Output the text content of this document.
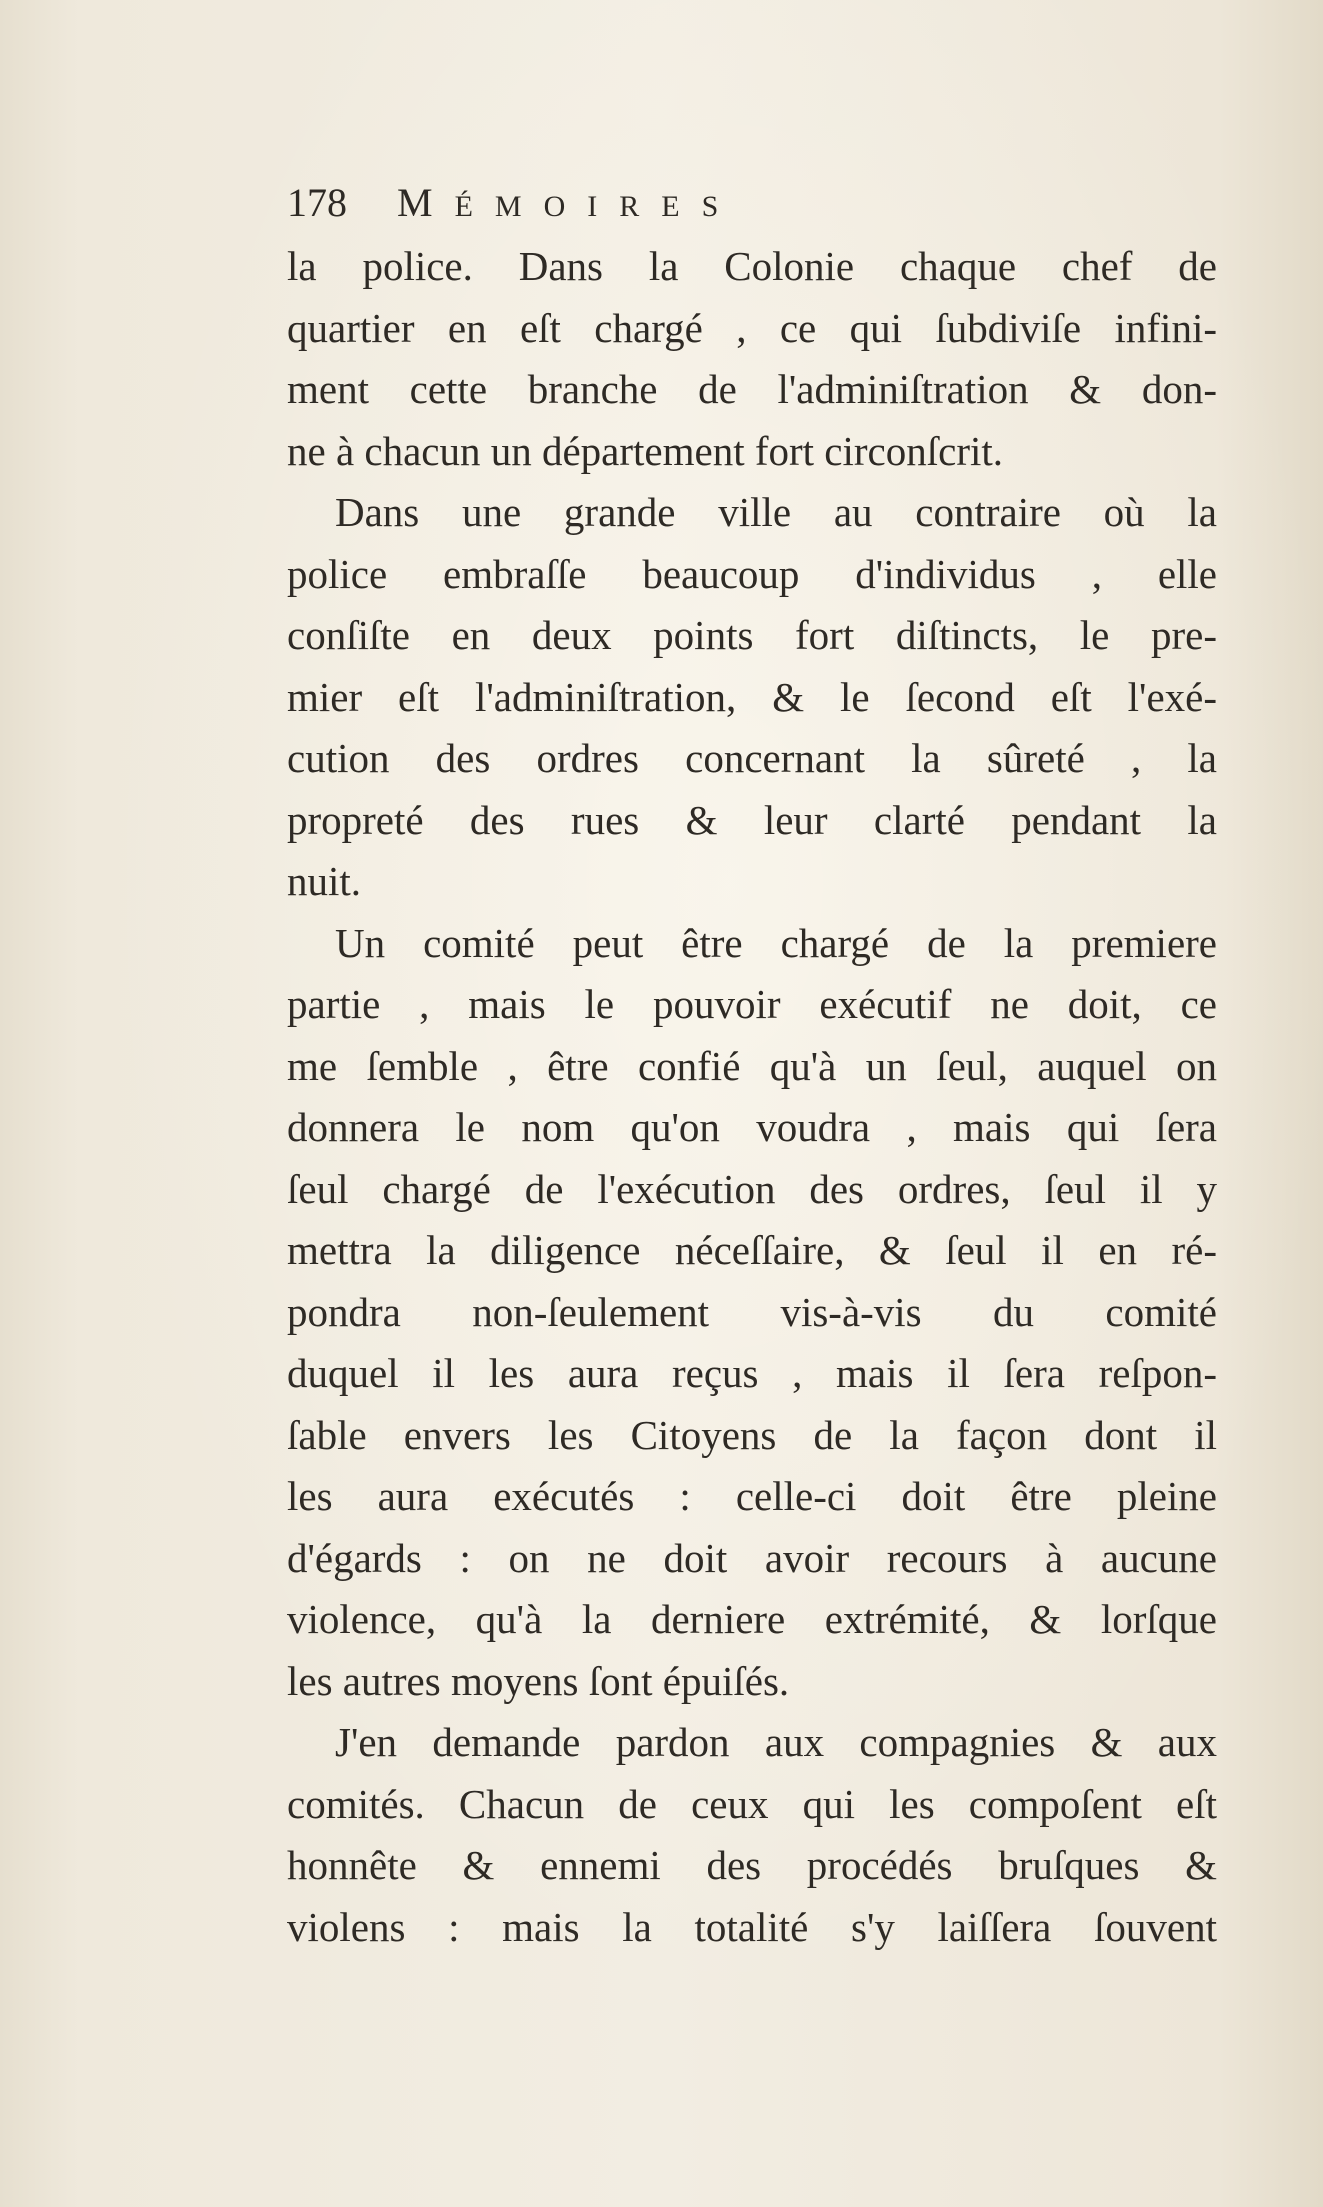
178 MÉMOIRES
la police. Dans la Colonie chaque chef de
quartier en eſt chargé , ce qui ſubdiviſe infini-
ment cette branche de l'adminiſtration & don-
ne à chacun un département fort circonſcrit.
Dans une grande ville au contraire où la
police embraſſe beaucoup d'individus , elle
conſiſte en deux points fort diſtincts, le pre-
mier eſt l'adminiſtration, & le ſecond eſt l'exé-
cution des ordres concernant la sûreté , la
propreté des rues & leur clarté pendant la
nuit.
Un comité peut être chargé de la premiere
partie , mais le pouvoir exécutif ne doit, ce
me ſemble , être confié qu'à un ſeul, auquel on
donnera le nom qu'on voudra , mais qui ſera
ſeul chargé de l'exécution des ordres, ſeul il y
mettra la diligence néceſſaire, & ſeul il en ré-
pondra non-ſeulement vis-à-vis du comité
duquel il les aura reçus , mais il ſera reſpon-
ſable envers les Citoyens de la façon dont il
les aura exécutés : celle-ci doit être pleine
d'égards : on ne doit avoir recours à aucune
violence, qu'à la derniere extrémité, & lorſque
les autres moyens ſont épuiſés.
J'en demande pardon aux compagnies & aux
comités. Chacun de ceux qui les compoſent eſt
honnête & ennemi des procédés bruſques &
violens : mais la totalité s'y laiſſera ſouvent
